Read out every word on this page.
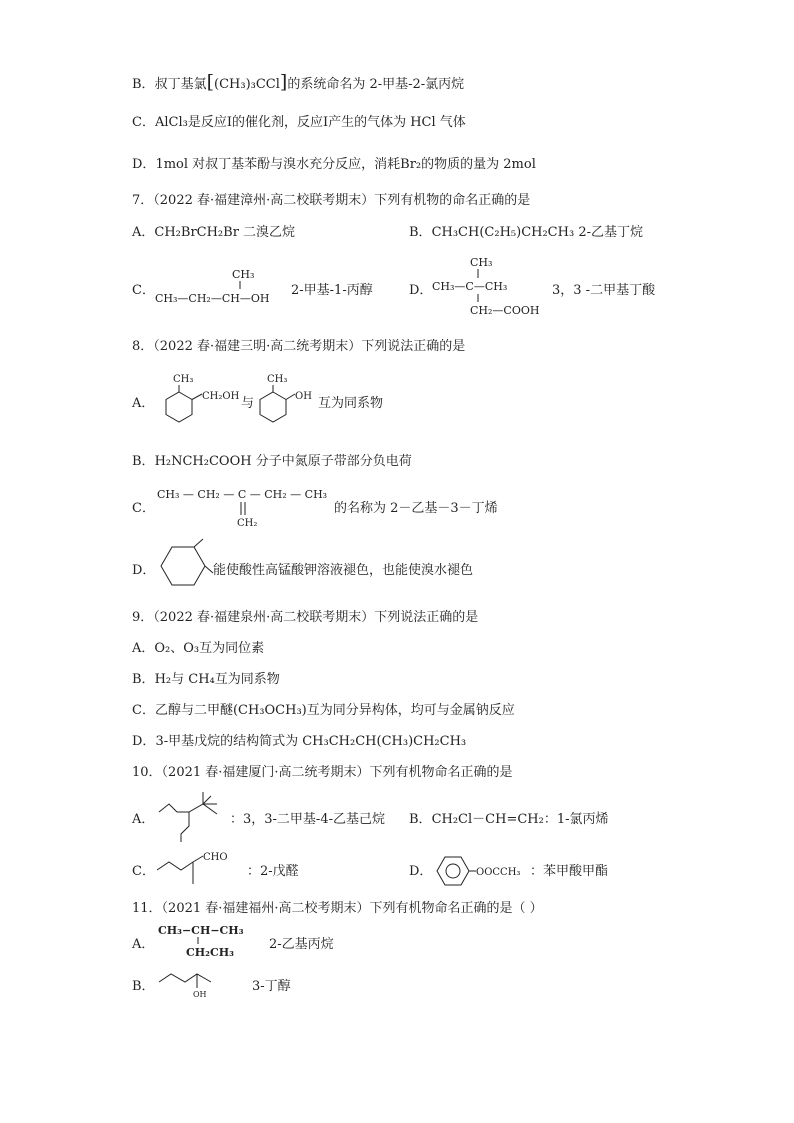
B．叔丁基氯[(CH₃)₃CCl]的系统命名为 2-甲基-2-氯丙烷
C．AlCl₃是反应Ⅰ的催化剂，反应Ⅰ产生的气体为 HCl 气体
D．1mol 对叔丁基苯酚与溴水充分反应，消耗Br₂的物质的量为 2mol
7．（2022 春·福建漳州·高二校联考期末）下列有机物的命名正确的是
A．CH₂BrCH₂Br 二溴乙烷	B．CH₃CH(C₂H₅)CH₂CH₃ 2-乙基丁烷
C．
CH₃
CH₃—CH₂—CH—OH
2-甲基-1-丙醇	D．
CH₃
CH₃—C—CH₃
CH₂—COOH
3，3 -二甲基丁酸
8．（2022 春·福建三明·高二统考期末）下列说法正确的是
A．
CH₃
CH₂OH 与
CH₃
OH 互为同系物
B．H₂NCH₂COOH 分子中氮原子带部分负电荷
C．
CH₃ — CH₂ — C — CH₂ — CH₃
CH₂
的名称为 2－乙基－3－丁烯
D．	能使酸性高锰酸钾溶液褪色，也能使溴水褪色
9．（2022 春·福建泉州·高二校联考期末）下列说法正确的是
A．O₂、O₃互为同位素
B．H₂与 CH₄互为同系物
C．乙醇与二甲醚(CH₃OCH₃)互为同分异构体，均可与金属钠反应
D．3-甲基戊烷的结构简式为 CH₃CH₂CH(CH₃)CH₂CH₃
10．（2021 春·福建厦门·高二统考期末）下列有机物命名正确的是
A．	：3，3-二甲基-4-乙基己烷 B．CH₂Cl－CH=CH₂：1-氯丙烯
C．
CHO
：2-戊醛	D．	OOCCH₃ ：苯甲酸甲酯
11．（2021 春·福建福州·高二校考期末）下列有机物命名正确的是（ ）
A．
CH₃−CH−CH₃
CH₂CH₃
2-乙基丙烷
B．
OH
3-丁醇
